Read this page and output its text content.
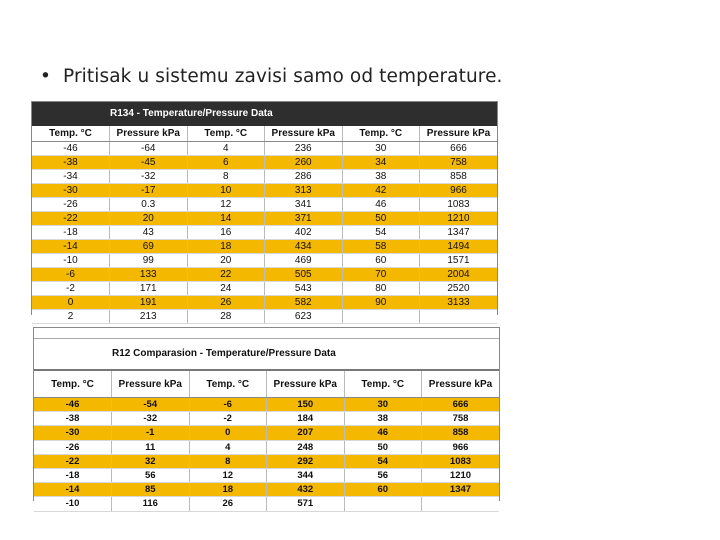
• Pritisak u sistemu zavisi samo od temperature.
R134 - Temperature/Pressure Data
Temp. °C	Pressure kPa	Temp. °C	Pressure kPa	Temp. °C	Pressure kPa
-46	-64	4	236	30	666
-38	-45	6	260	34	758
-34	-32	8	286	38	858
-30	-17	10	313	42	966
-26	0.3	12	341	46	1083
-22	20	14	371	50	1210
-18	43	16	402	54	1347
-14	69	18	434	58	1494
-10	99	20	469	60	1571
-6	133	22	505	70	2004
-2	171	24	543	80	2520
0	191	26	582	90	3133
2	213	28	623		
R12 Comparasion - Temperature/Pressure Data
Temp. °C	Pressure kPa	Temp. °C	Pressure kPa	Temp. °C	Pressure kPa
-46	-54	-6	150	30	666
-38	-32	-2	184	38	758
-30	-1	0	207	46	858
-26	11	4	248	50	966
-22	32	8	292	54	1083
-18	56	12	344	56	1210
-14	85	18	432	60	1347
-10	116	26	571		
